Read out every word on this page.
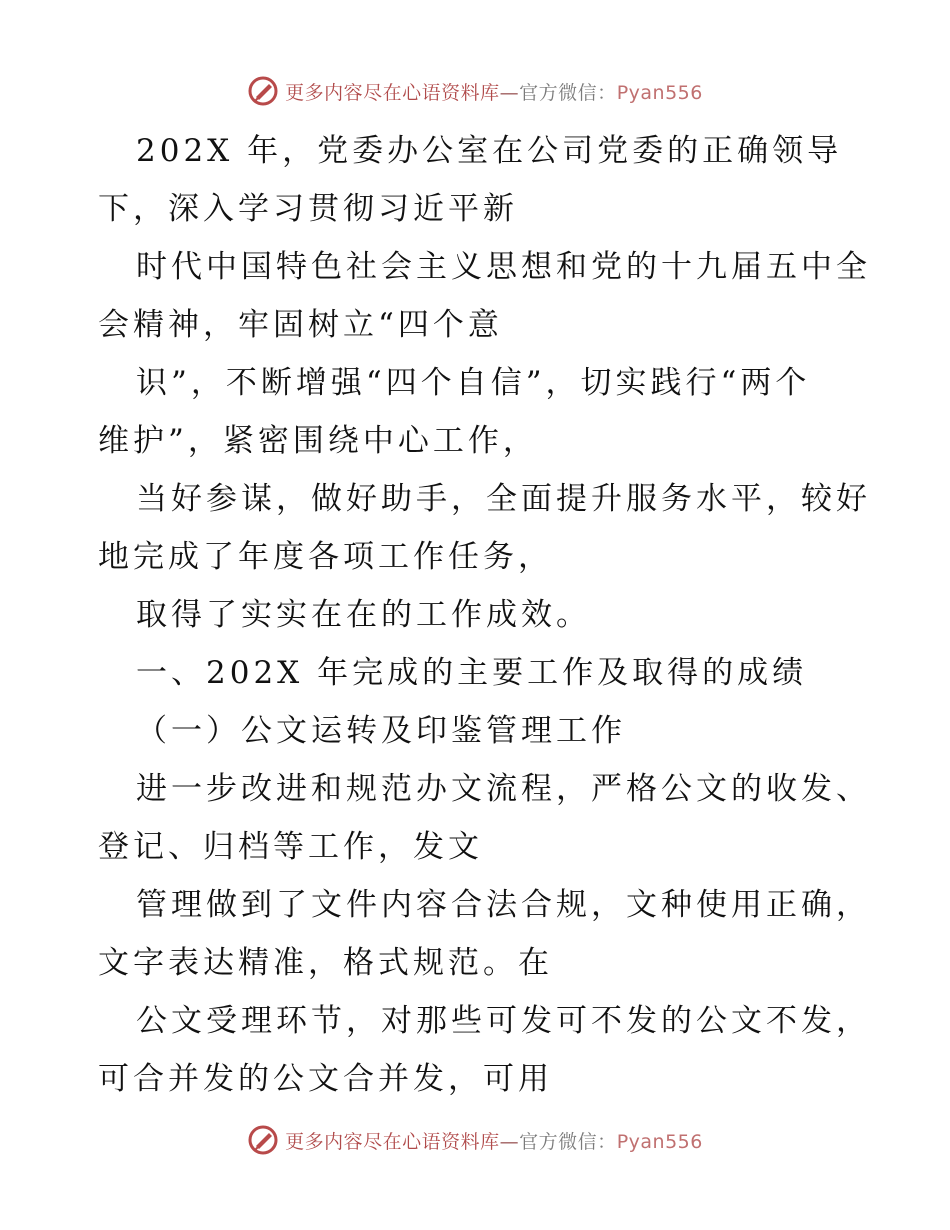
更多内容尽在心语资料库—官方微信：Pyan556
202X 年，党委办公室在公司党委的正确领导
下，深入学习贯彻习近平新
时代中国特色社会主义思想和党的十九届五中全
会精神，牢固树立“四个意
识”，不断增强“四个自信”，切实践行“两个
维护”，紧密围绕中心工作，
当好参谋，做好助手，全面提升服务水平，较好
地完成了年度各项工作任务，
取得了实实在在的工作成效。
一、202X 年完成的主要工作及取得的成绩
（一）公文运转及印鉴管理工作
进一步改进和规范办文流程，严格公文的收发、
登记、归档等工作，发文
管理做到了文件内容合法合规，文种使用正确，
文字表达精准，格式规范。在
公文受理环节，对那些可发可不发的公文不发，
可合并发的公文合并发，可用
更多内容尽在心语资料库—官方微信：Pyan556
